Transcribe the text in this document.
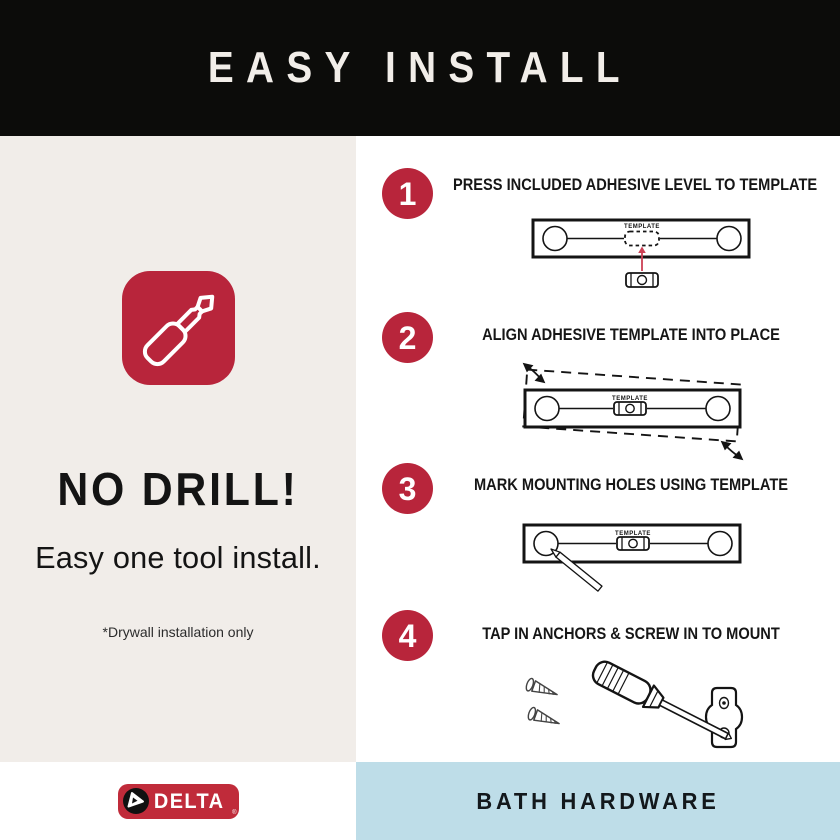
EASY INSTALL
NO DRILL!

Easy one tool install.

*Drywall installation only

1 PRESS INCLUDED ADHESIVE LEVEL TO TEMPLATE
TEMPLATE
2	ALIGN ADHESIVE TEMPLATE INTO PLACE
TEMPLATE
3	MARK MOUNTING HOLES USING TEMPLATE
TEMPLATE
4	TAP IN ANCHORS & SCREW IN TO MOUNT
DELTA ®	BATH HARDWARE
